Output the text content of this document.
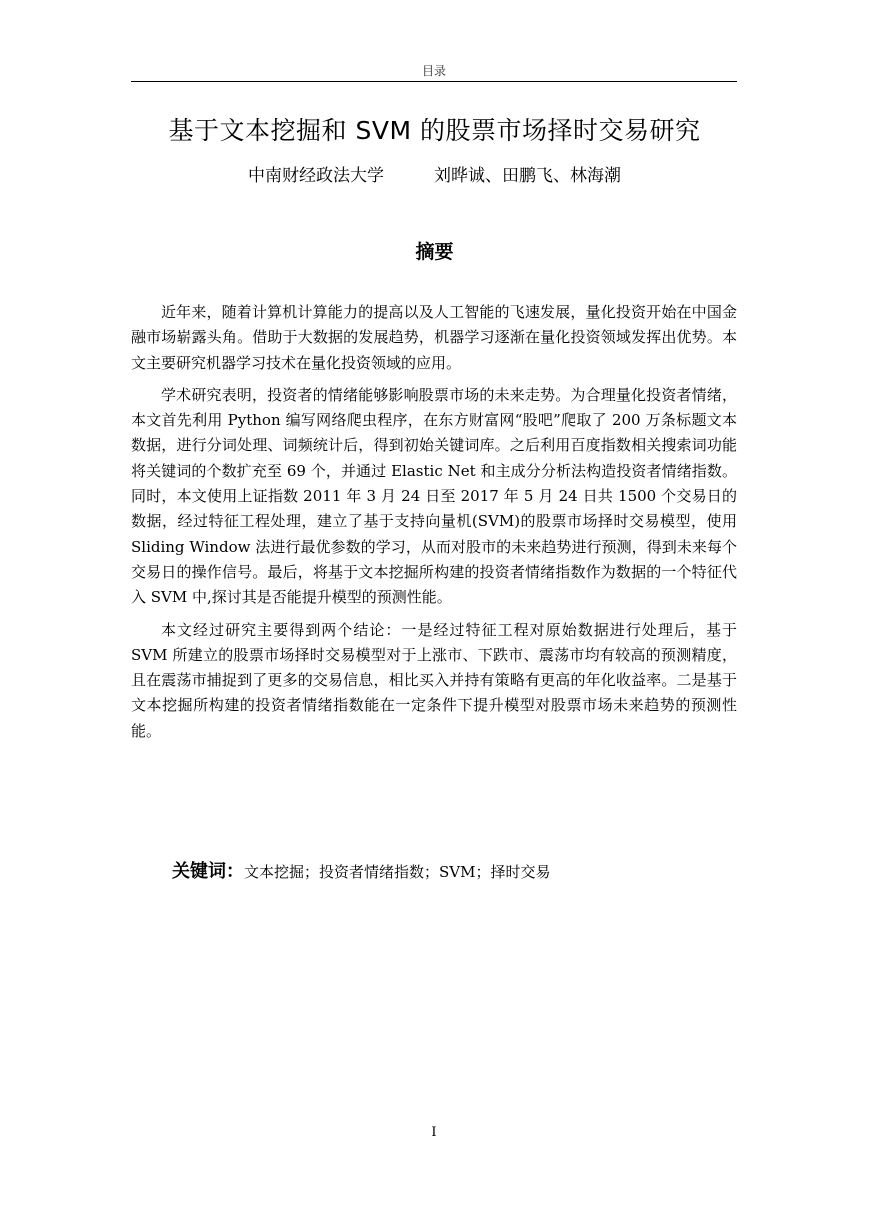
目录
基于文本挖掘和 SVM 的股票市场择时交易研究
中南财经政法大学	刘晔诚、田鹏飞、林海潮
摘要

近年来，随着计算机计算能力的提高以及人工智能的飞速发展，量化投资开始在中国金融市场崭露头角。借助于大数据的发展趋势，机器学习逐渐在量化投资领域发挥出优势。本文主要研究机器学习技术在量化投资领域的应用。

学术研究表明，投资者的情绪能够影响股票市场的未来走势。为合理量化投资者情绪，本文首先利用 Python 编写网络爬虫程序，在东方财富网“股吧”爬取了 200 万条标题文本数据，进行分词处理、词频统计后，得到初始关键词库。之后利用百度指数相关搜索词功能将关键词的个数扩充至 69 个，并通过 Elastic Net 和主成分分析法构造投资者情绪指数。同时，本文使用上证指数 2011 年 3 月 24 日至 2017 年 5 月 24 日共 1500 个交易日的数据，经过特征工程处理，建立了基于支持向量机(SVM)的股票市场择时交易模型，使用 Sliding Window 法进行最优参数的学习，从而对股市的未来趋势进行预测，得到未来每个交易日的操作信号。最后，将基于文本挖掘所构建的投资者情绪指数作为数据的一个特征代入 SVM 中,探讨其是否能提升模型的预测性能。

本文经过研究主要得到两个结论：一是经过特征工程对原始数据进行处理后，基于 SVM 所建立的股票市场择时交易模型对于上涨市、下跌市、震荡市均有较高的预测精度，且在震荡市捕捉到了更多的交易信息，相比买入并持有策略有更高的年化收益率。二是基于文本挖掘所构建的投资者情绪指数能在一定条件下提升模型对股票市场未来趋势的预测性能。

关键词：文本挖掘；投资者情绪指数；SVM；择时交易
I
